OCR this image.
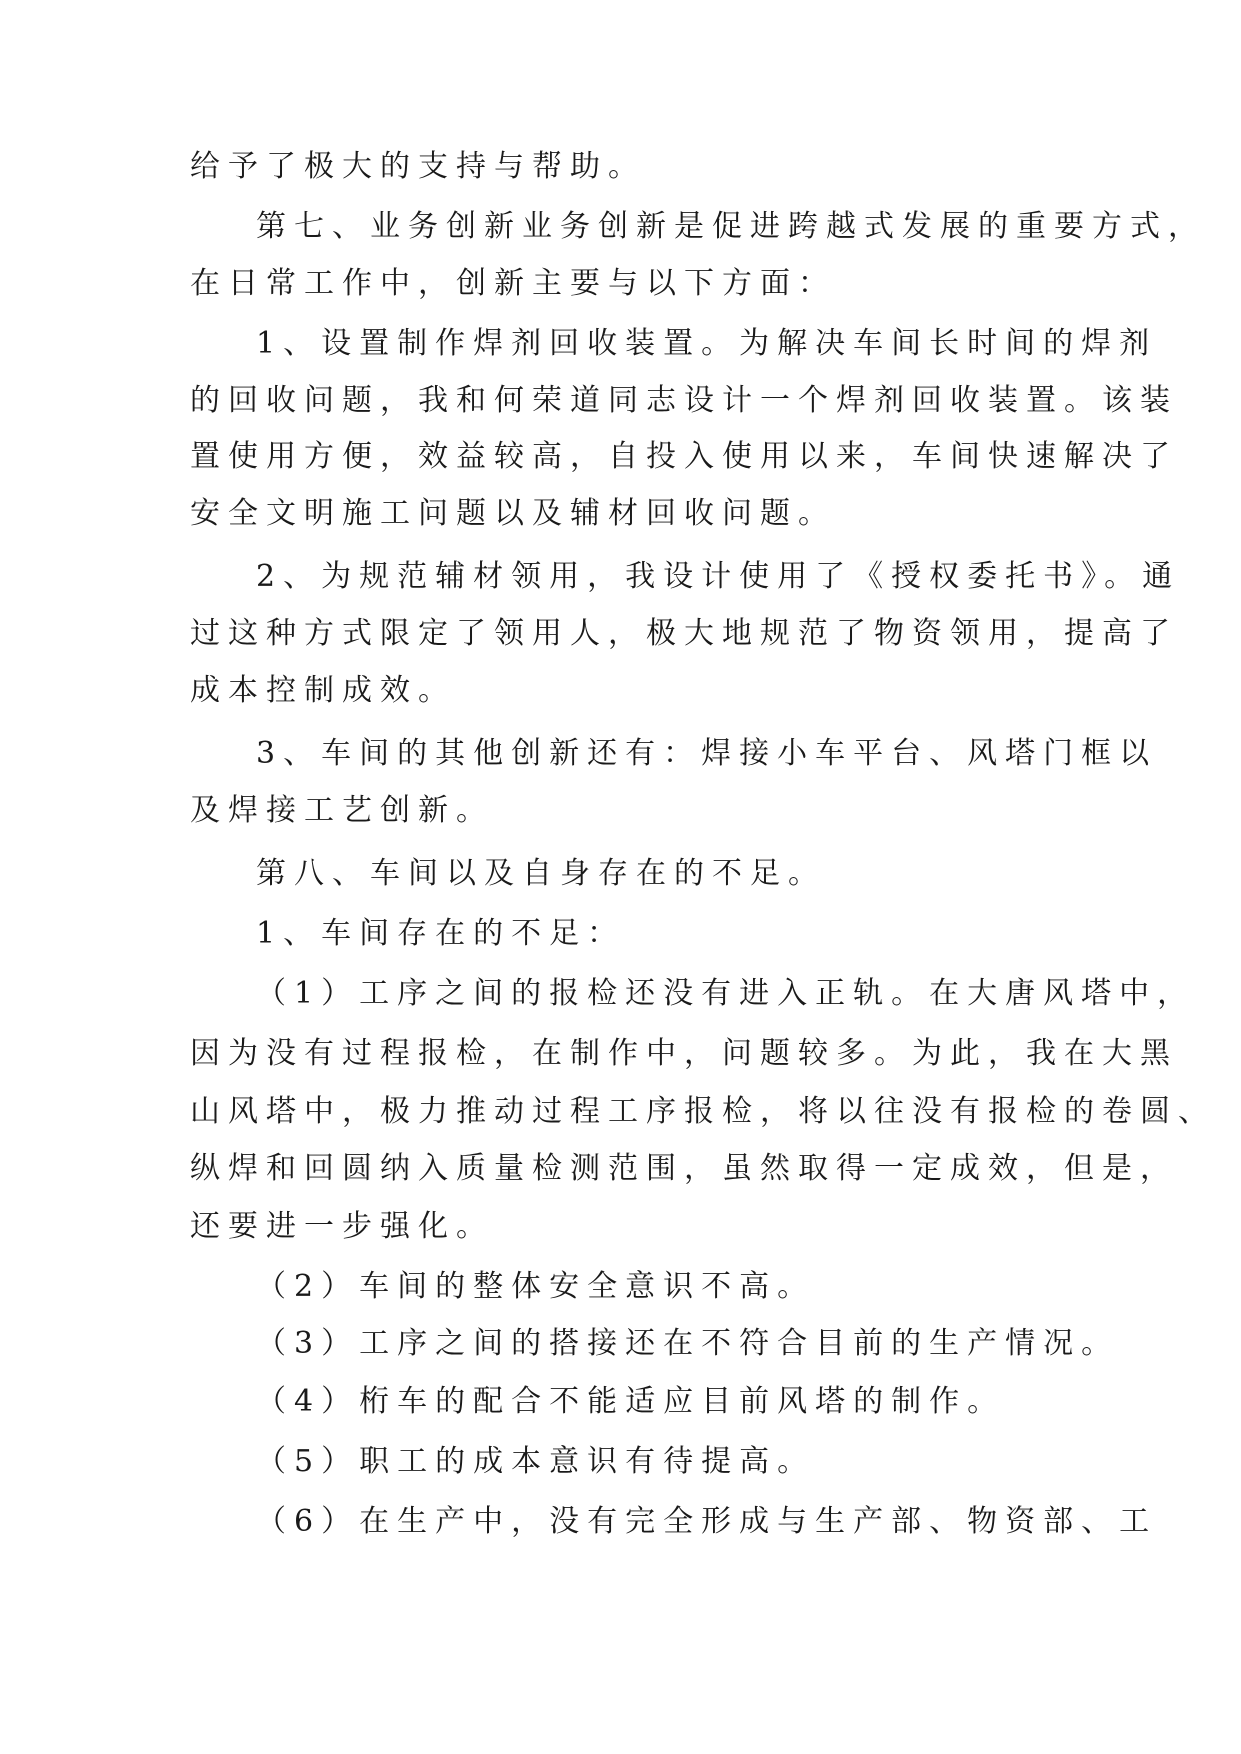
给予了极大的支持与帮助。
第七、业务创新业务创新是促进跨越式发展的重要方式，
在日常工作中，创新主要与以下方面：
1、设置制作焊剂回收装置。为解决车间长时间的焊剂
的回收问题，我和何荣道同志设计一个焊剂回收装置。该装
置使用方便，效益较高，自投入使用以来，车间快速解决了
安全文明施工问题以及辅材回收问题。
2、为规范辅材领用，我设计使用了《授权委托书》。通
过这种方式限定了领用人，极大地规范了物资领用，提高了
成本控制成效。
3、车间的其他创新还有：焊接小车平台、风塔门框以
及焊接工艺创新。
第八、车间以及自身存在的不足。
1、车间存在的不足：
（1）工序之间的报检还没有进入正轨。在大唐风塔中，
因为没有过程报检，在制作中，问题较多。为此，我在大黑
山风塔中，极力推动过程工序报检，将以往没有报检的卷圆、
纵焊和回圆纳入质量检测范围，虽然取得一定成效，但是，
还要进一步强化。
（2）车间的整体安全意识不高。
（3）工序之间的搭接还在不符合目前的生产情况。
（4）桁车的配合不能适应目前风塔的制作。
（5）职工的成本意识有待提高。
（6）在生产中，没有完全形成与生产部、物资部、工
